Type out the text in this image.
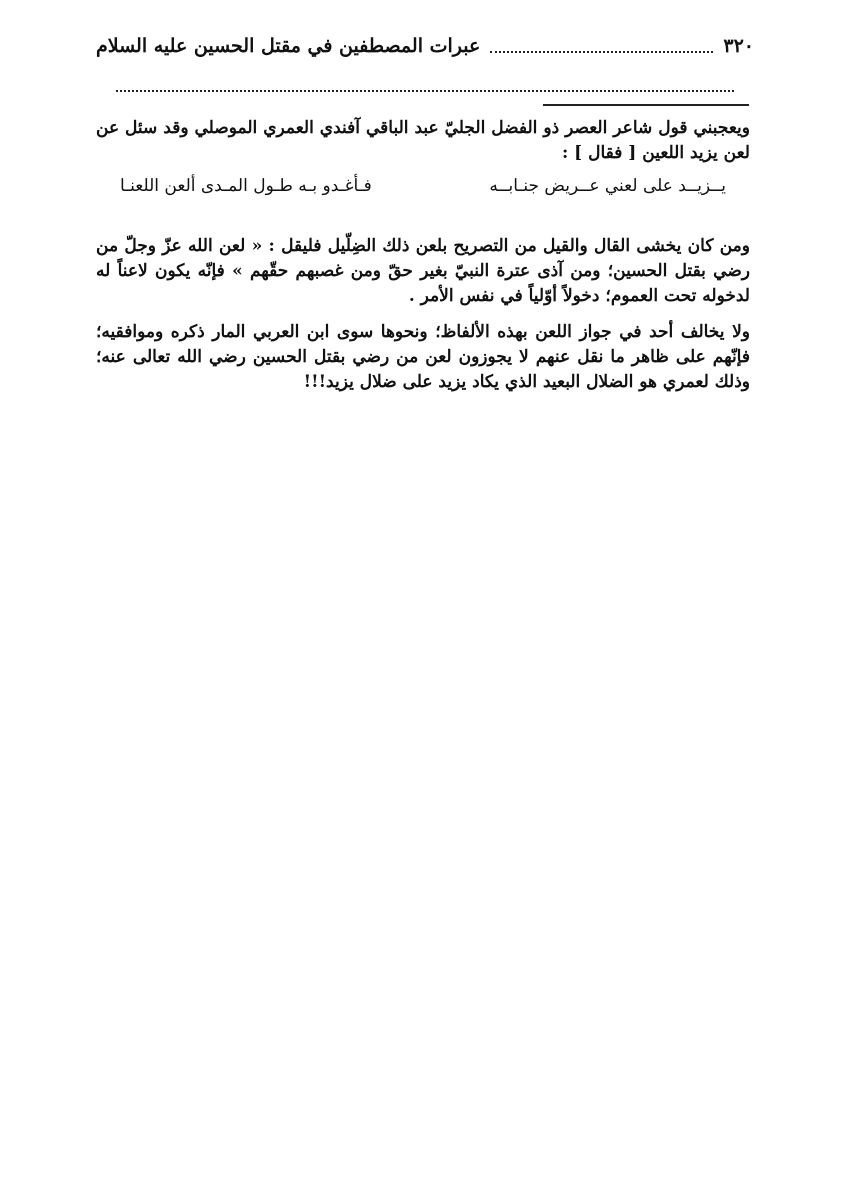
٣٢٠
عبرات المصطفين في مقتل الحسين عليه السلام

ويعجبني قول شاعر العصر ذو الفضل الجليّ عبد الباقي آفندي العمري الموصلي وقد سئل عن لعن يزيد اللعين [ فقال ] :

يــزيــد على لعني عــريض جنـابــه
فـأغـدو بـه طـول المـدى ألعن اللعنـا

ومن كان يخشى القال والقيل من التصريح بلعن ذلك الضِلّيل فليقل : « لعن الله عزّ وجلّ من رضي بقتل الحسين؛ ومن آذى عترة النبيّ بغير حقّ ومن غصبهم حقّهم » فإنّه يكون لاعناً له لدخوله تحت العموم؛ دخولاً أوّلياً في نفس الأمر .

ولا يخالف أحد في جواز اللعن بهذه الألفاظ؛ ونحوها سوى ابن العربي المار ذكره وموافقيه؛ فإنّهم على ظاهر ما نقل عنهم لا يجوزون لعن من رضي بقتل الحسين رضي الله تعالى عنه؛ وذلك لعمري هو الضلال البعيد الذي يكاد يزيد على ضلال يزيد!!!
